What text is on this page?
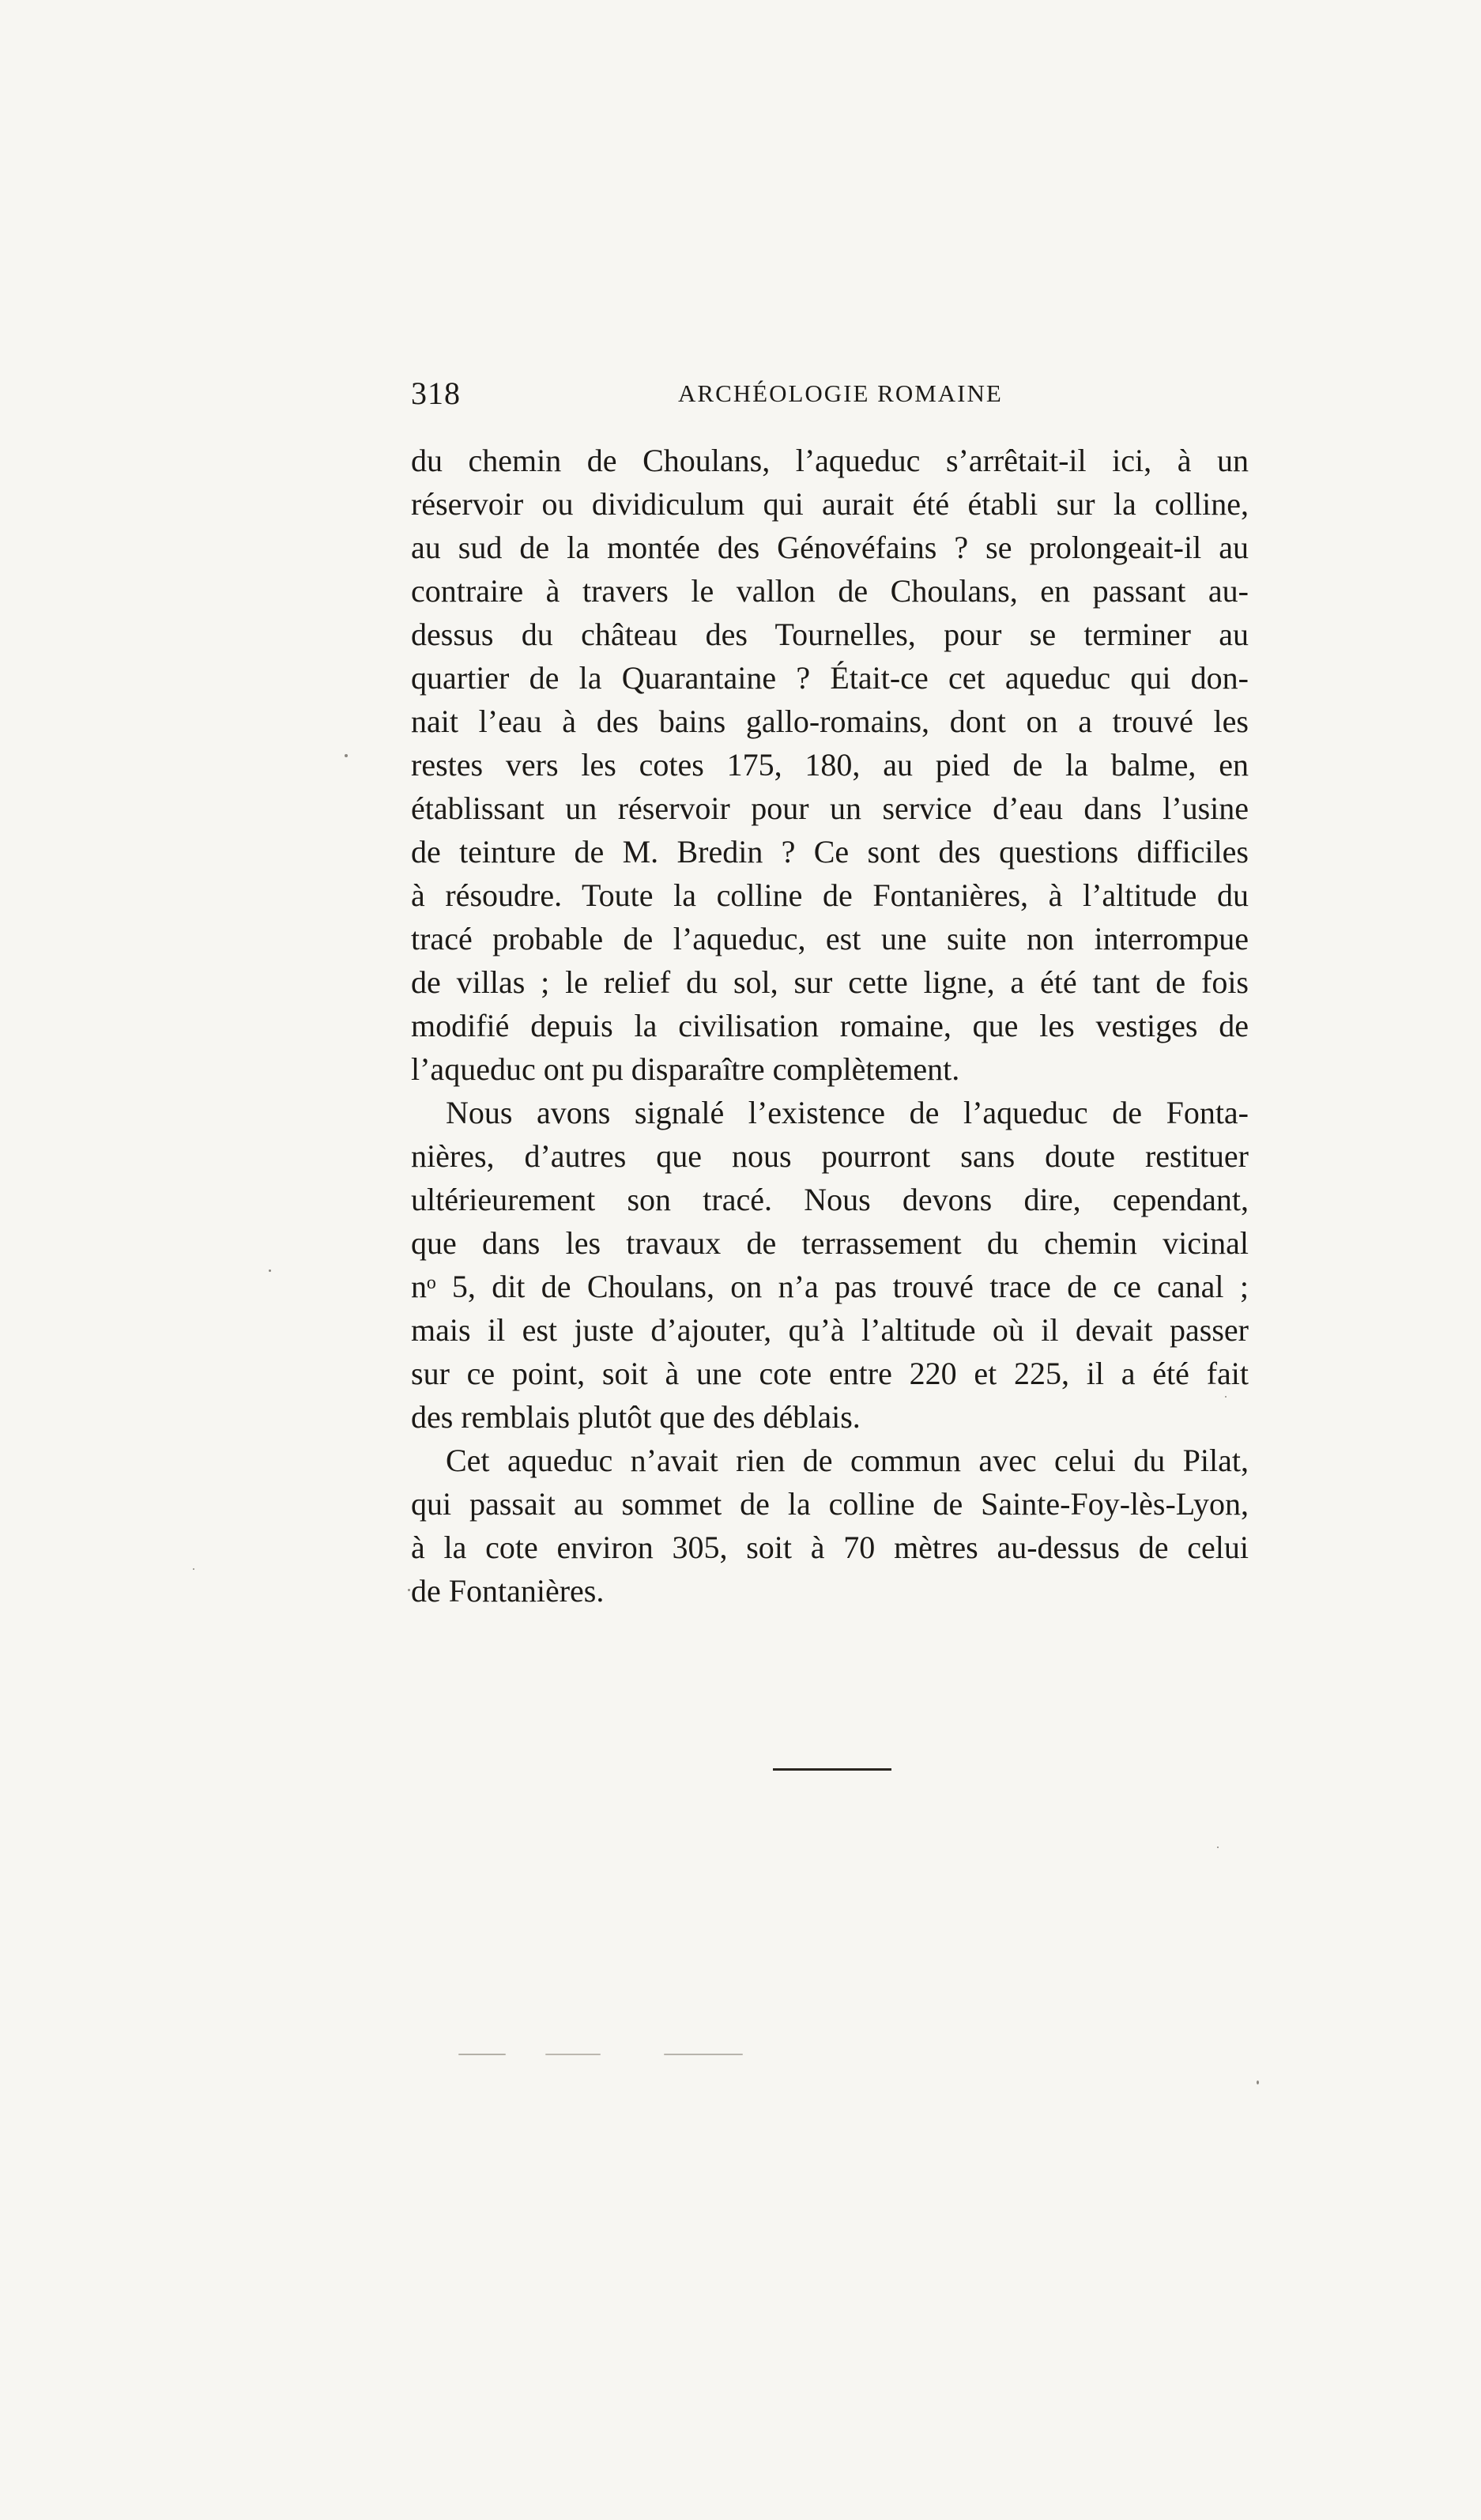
318	ARCHÉOLOGIE ROMAINE
du chemin de Choulans, l’aqueduc s’arrêtait-il ici, à un
réservoir ou dividiculum qui aurait été établi sur la colline,
au sud de la montée des Génovéfains ? se prolongeait-il au
contraire à travers le vallon de Choulans, en passant au-
dessus du château des Tournelles, pour se terminer au
quartier de la Quarantaine ? Était-ce cet aqueduc qui don-
nait l’eau à des bains gallo-romains, dont on a trouvé les
restes vers les cotes 175, 180, au pied de la balme, en
établissant un réservoir pour un service d’eau dans l’usine
de teinture de M. Bredin ? Ce sont des questions difficiles
à résoudre. Toute la colline de Fontanières, à l’altitude du
tracé probable de l’aqueduc, est une suite non interrompue
de villas ; le relief du sol, sur cette ligne, a été tant de fois
modifié depuis la civilisation romaine, que les vestiges de
l’aqueduc ont pu disparaître complètement.
Nous avons signalé l’existence de l’aqueduc de Fonta-
nières, d’autres que nous pourront sans doute restituer
ultérieurement son tracé. Nous devons dire, cependant,
que dans les travaux de terrassement du chemin vicinal
nᵒ 5, dit de Choulans, on n’a pas trouvé trace de ce canal ;
mais il est juste d’ajouter, qu’à l’altitude où il devait passer
sur ce point, soit à une cote entre 220 et 225, il a été fait
des remblais plutôt que des déblais.
Cet aqueduc n’avait rien de commun avec celui du Pilat,
qui passait au sommet de la colline de Sainte-Foy-lès-Lyon,
à la cote environ 305, soit à 70 mètres au-dessus de celui
de Fontanières.
